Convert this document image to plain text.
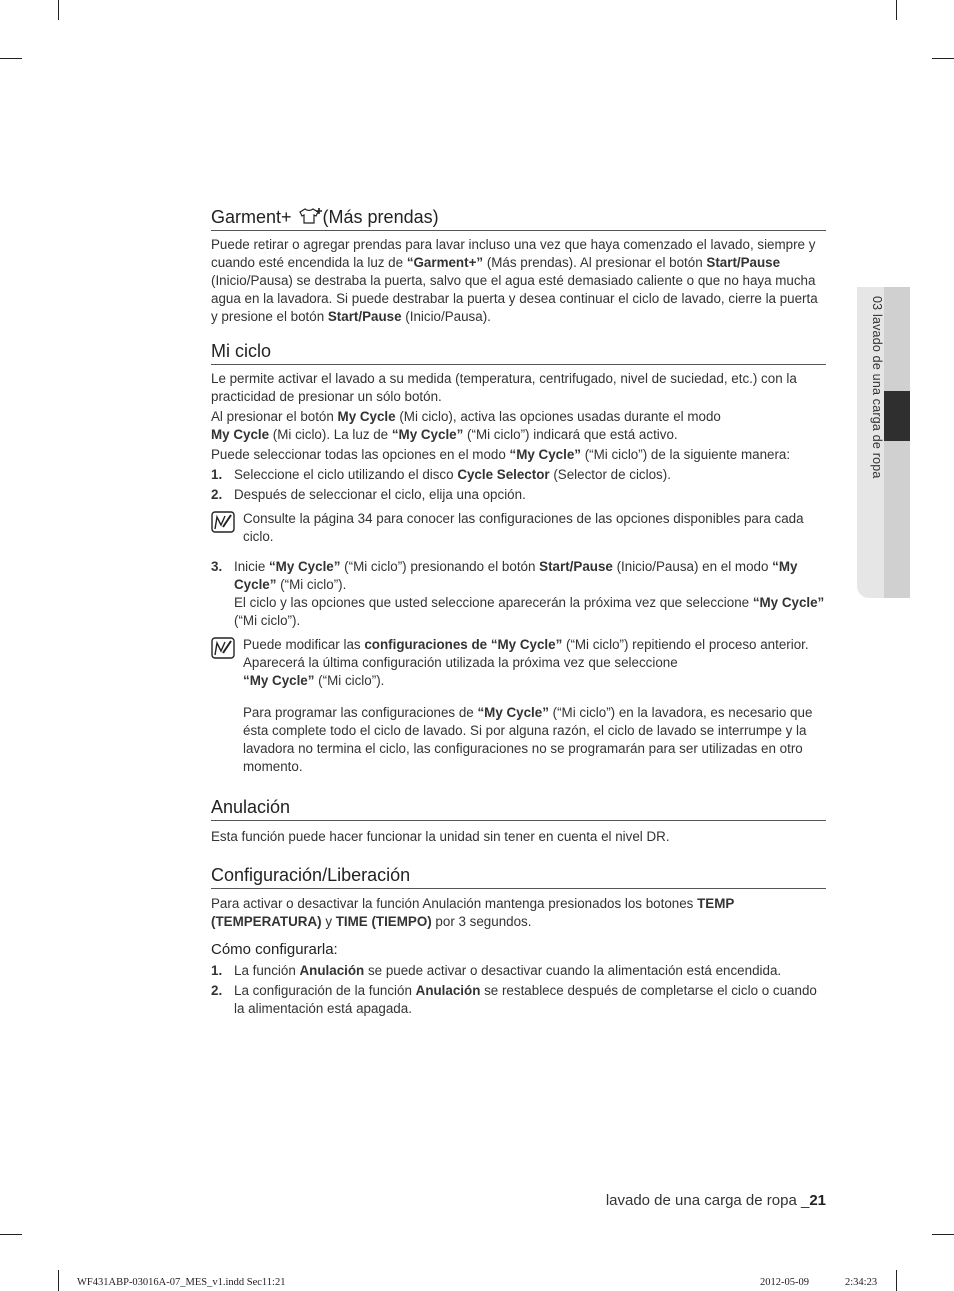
03 lavado de una carga de ropa
Garment+ (Más prendas)

Puede retirar o agregar prendas para lavar incluso una vez que haya comenzado el lavado, siempre y cuando esté encendida la luz de “Garment+” (Más prendas). Al presionar el botón Start/Pause (Inicio/Pausa) se destraba la puerta, salvo que el agua esté demasiado caliente o que no haya mucha agua en la lavadora. Si puede destrabar la puerta y desea continuar el ciclo de lavado, cierre la puerta y presione el botón Start/Pause (Inicio/Pausa).

Mi ciclo

Le permite activar el lavado a su medida (temperatura, centrifugado, nivel de suciedad, etc.) con la practicidad de presionar un sólo botón.

Al presionar el botón My Cycle (Mi ciclo), activa las opciones usadas durante el modo
My Cycle (Mi ciclo). La luz de “My Cycle” (“Mi ciclo”) indicará que está activo.

Puede seleccionar todas las opciones en el modo “My Cycle” (“Mi ciclo”) de la siguiente manera:

1. Seleccione el ciclo utilizando el disco Cycle Selector (Selector de ciclos).
2. Después de seleccionar el ciclo, elija una opción.
Consulte la página 34 para conocer las configuraciones de las opciones disponibles para cada ciclo.
3. Inicie “My Cycle” (“Mi ciclo”) presionando el botón Start/Pause (Inicio/Pausa) en el modo “My Cycle” (“Mi ciclo”).
El ciclo y las opciones que usted seleccione aparecerán la próxima vez que seleccione “My Cycle” (“Mi ciclo”).
Puede modificar las configuraciones de “My Cycle” (“Mi ciclo”) repitiendo el proceso anterior.
Aparecerá la última configuración utilizada la próxima vez que seleccione
“My Cycle” (“Mi ciclo”).

Para programar las configuraciones de “My Cycle” (“Mi ciclo”) en la lavadora, es necesario que ésta complete todo el ciclo de lavado. Si por alguna razón, el ciclo de lavado se interrumpe y la lavadora no termina el ciclo, las configuraciones no se programarán para ser utilizadas en otro momento.
Anulación

Esta función puede hacer funcionar la unidad sin tener en cuenta el nivel DR.

Configuración/Liberación

Para activar o desactivar la función Anulación mantenga presionados los botones TEMP (TEMPERATURA) y TIME (TIEMPO) por 3 segundos.

Cómo configurarla:
1. La función Anulación se puede activar o desactivar cuando la alimentación está encendida.
2. La configuración de la función Anulación se restablece después de completarse el ciclo o cuando la alimentación está apagada.
lavado de una carga de ropa _21
WF431ABP-03016A-07_MES_v1.indd Sec11:21	2012-05-09	2:34:23
